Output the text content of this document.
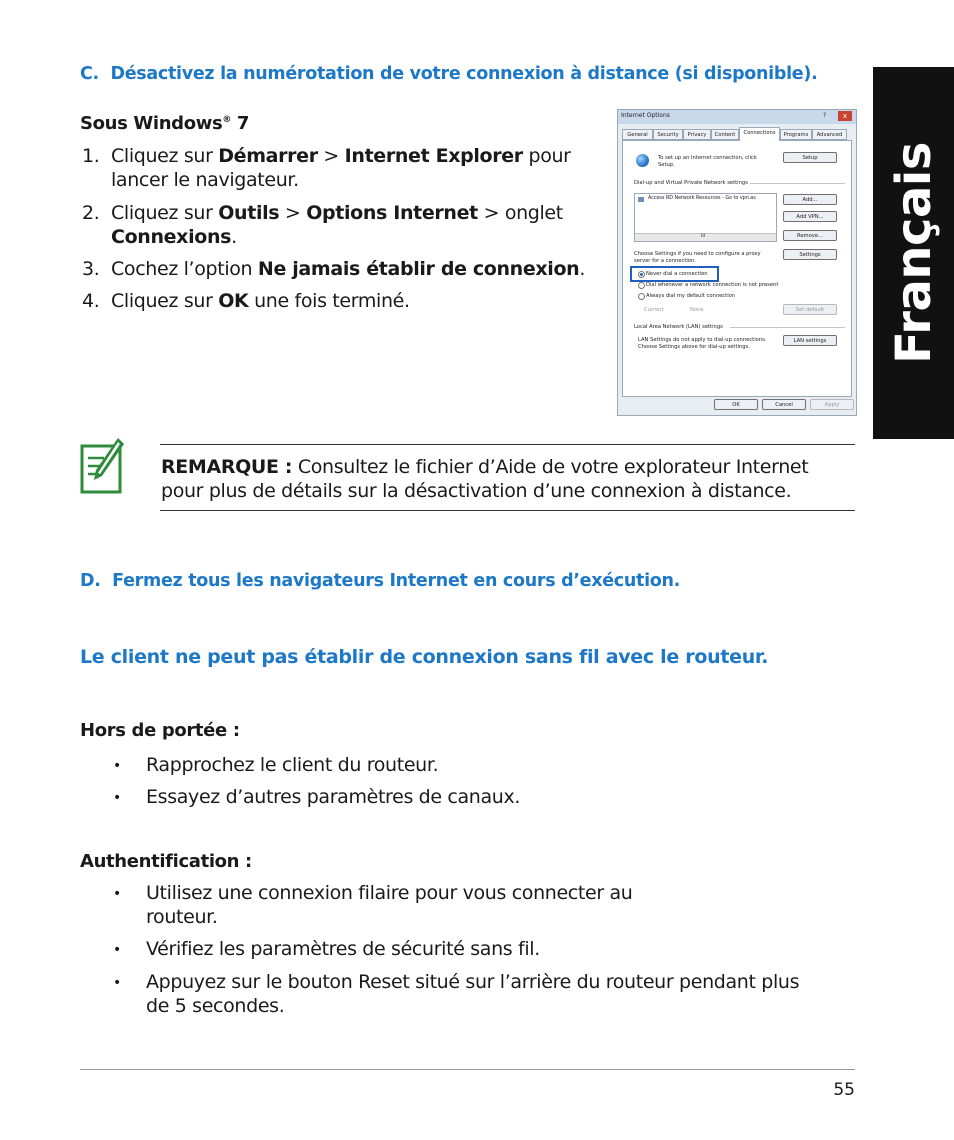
C. Désactivez la numérotation de votre connexion à distance (si disponible).
Sous Windows® 7
1. Cliquez sur Démarrer > Internet Explorer pour
lancer le navigateur.
2. Cliquez sur Outils > Options Internet > onglet
Connexions.
3. Cochez l’option Ne jamais établir de connexion.
4. Cliquez sur OK une fois terminé.	Français
Internet Options	?	x
General	Security	Privacy	Content	Programs	Advanced
Connections
To set up an Internet connection, click
Setup.
Setup
Dial-up and Virtual Private Network settings
Access RD Network Resources - Go to vpn.as
III
Add...
Add VPN...
Remove...
Choose Settings if you need to configure a proxy
server for a connection.
Settings
Never dial a connection
Dial whenever a network connection is not present
Always dial my default connection
Current	None	Set default
Local Area Network (LAN) settings
LAN Settings do not apply to dial-up connections.
Choose Settings above for dial-up settings.
LAN settings
OK	Cancel	Apply
REMARQUE : Consultez le fichier d’Aide de votre explorateur Internet
pour plus de détails sur la désactivation d’une connexion à distance.
D. Fermez tous les navigateurs Internet en cours d’exécution.
Le client ne peut pas établir de connexion sans fil avec le routeur.
Hors de portée :
• Rapprochez le client du routeur.
• Essayez d’autres paramètres de canaux.
Authentification :
• Utilisez une connexion filaire pour vous connecter au
routeur.
• Vérifiez les paramètres de sécurité sans fil.
• Appuyez sur le bouton Reset situé sur l’arrière du routeur pendant plus
de 5 secondes.
55
